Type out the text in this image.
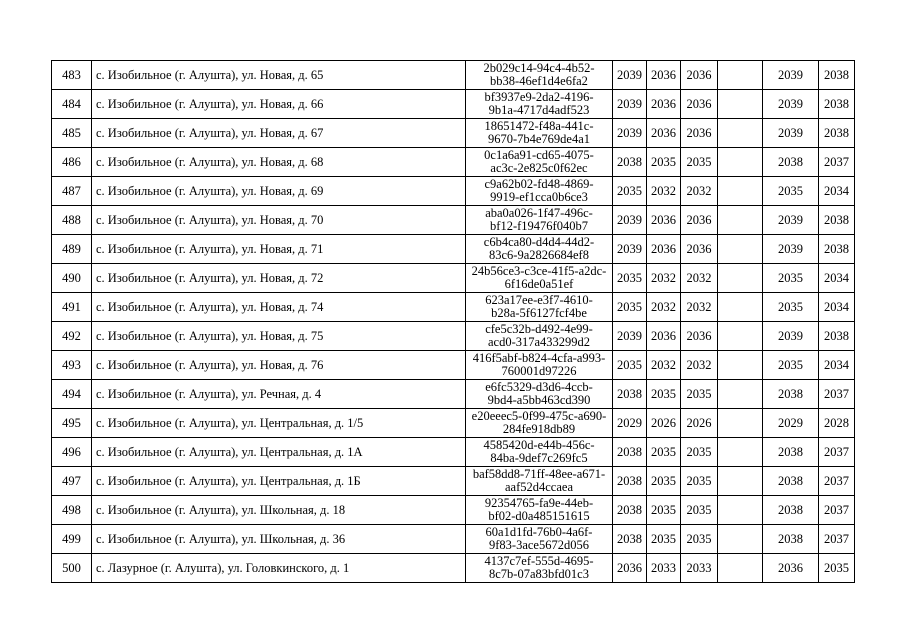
483	с. Изобильное (г. Алушта), ул. Новая, д. 65	2b029c14-94c4-4b52-
bb38-46ef1d4e6fa2	2039	2036	2036		2039	2038
484	с. Изобильное (г. Алушта), ул. Новая, д. 66	bf3937e9-2da2-4196-
9b1a-4717d4adf523	2039	2036	2036		2039	2038
485	с. Изобильное (г. Алушта), ул. Новая, д. 67	18651472-f48a-441c-
9670-7b4e769de4a1	2039	2036	2036		2039	2038
486	с. Изобильное (г. Алушта), ул. Новая, д. 68	0c1a6a91-cd65-4075-
ac3c-2e825c0f62ec	2038	2035	2035		2038	2037
487	с. Изобильное (г. Алушта), ул. Новая, д. 69	c9a62b02-fd48-4869-
9919-ef1cca0b6ce3	2035	2032	2032		2035	2034
488	с. Изобильное (г. Алушта), ул. Новая, д. 70	aba0a026-1f47-496c-
bf12-f19476f040b7	2039	2036	2036		2039	2038
489	с. Изобильное (г. Алушта), ул. Новая, д. 71	c6b4ca80-d4d4-44d2-
83c6-9a2826684ef8	2039	2036	2036		2039	2038
490	с. Изобильное (г. Алушта), ул. Новая, д. 72	24b56ce3-c3ce-41f5-a2dc-
6f16de0a51ef	2035	2032	2032		2035	2034
491	с. Изобильное (г. Алушта), ул. Новая, д. 74	623a17ee-e3f7-4610-
b28a-5f6127fcf4be	2035	2032	2032		2035	2034
492	с. Изобильное (г. Алушта), ул. Новая, д. 75	cfe5c32b-d492-4e99-
acd0-317a433299d2	2039	2036	2036		2039	2038
493	с. Изобильное (г. Алушта), ул. Новая, д. 76	416f5abf-b824-4cfa-a993-
760001d97226	2035	2032	2032		2035	2034
494	с. Изобильное (г. Алушта), ул. Речная, д. 4	e6fc5329-d3d6-4ccb-
9bd4-a5bb463cd390	2038	2035	2035		2038	2037
495	с. Изобильное (г. Алушта), ул. Центральная, д. 1/5	e20eeec5-0f99-475c-a690-
284fe918db89	2029	2026	2026		2029	2028
496	с. Изобильное (г. Алушта), ул. Центральная, д. 1А	4585420d-e44b-456c-
84ba-9def7c269fc5	2038	2035	2035		2038	2037
497	с. Изобильное (г. Алушта), ул. Центральная, д. 1Б	baf58dd8-71ff-48ee-a671-
aaf52d4ccaea	2038	2035	2035		2038	2037
498	с. Изобильное (г. Алушта), ул. Школьная, д. 18	92354765-fa9e-44eb-
bf02-d0a485151615	2038	2035	2035		2038	2037
499	с. Изобильное (г. Алушта), ул. Школьная, д. 36	60a1d1fd-76b0-4a6f-
9f83-3ace5672d056	2038	2035	2035		2038	2037
500	с. Лазурное (г. Алушта), ул. Головкинского, д. 1	4137c7ef-555d-4695-
8c7b-07a83bfd01c3	2036	2033	2033		2036	2035
